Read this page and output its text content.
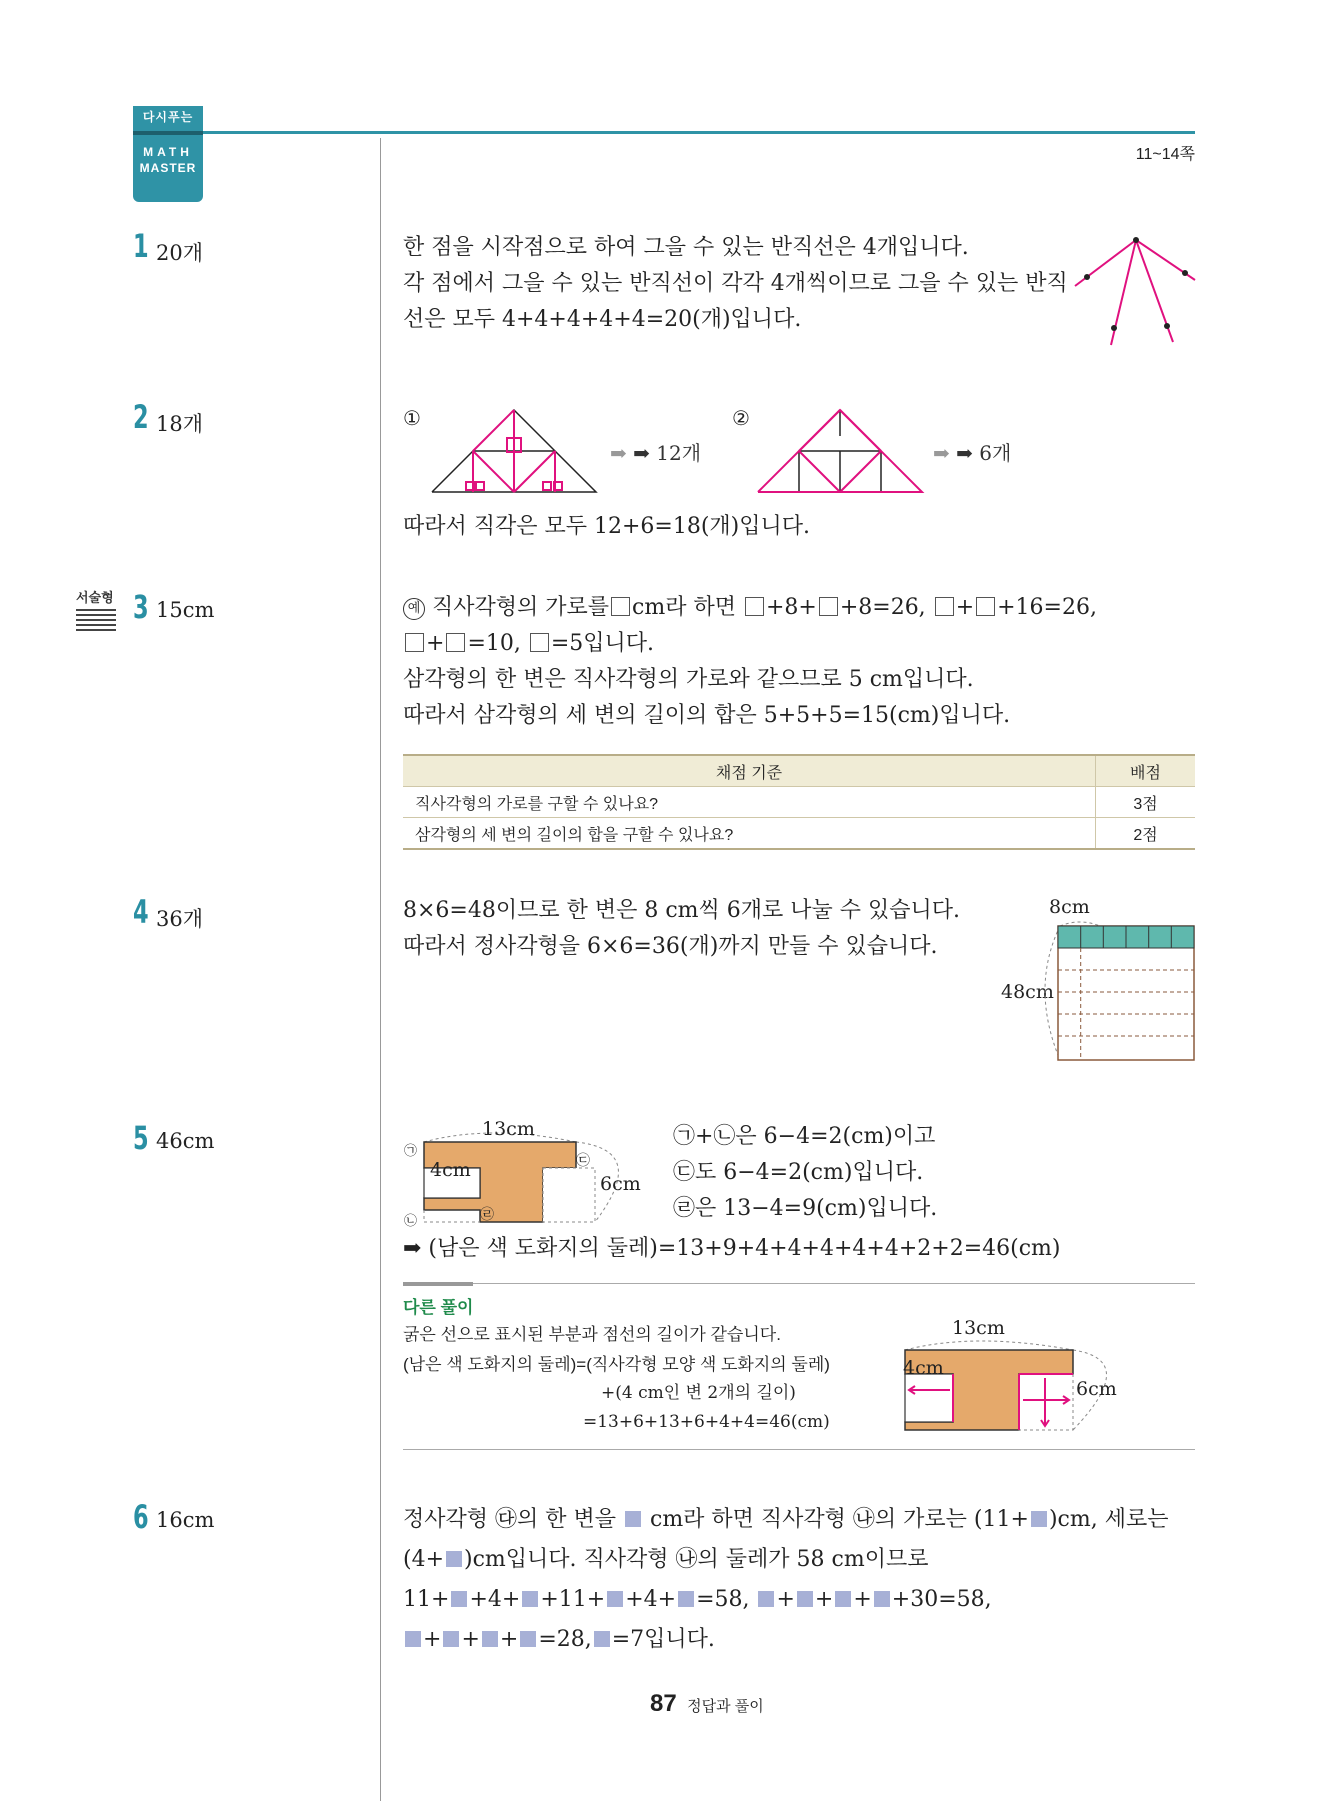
다시푸는
MATH
MASTER
11~14쪽
1 20개	한 점을 시작점으로 하여 그을 수 있는 반직선은 4개입니다.
각 점에서 그을 수 있는 반직선이 각각 4개씩이므로 그을 수 있는 반직
선은 모두 4+4+4+4+4=20(개)입니다.
2 18개	①	②
➡ ➡ 12개	➡ ➡ 6개
따라서 직각은 모두 12+6=18(개)입니다.
서술형 3 15cm	예 직사각형의 가로를 cm라 하면 +8+ +8=26, + +16=26,
+ =10, =5입니다.
삼각형의 한 변은 직사각형의 가로와 같으므로 5 cm입니다.
따라서 삼각형의 세 변의 길이의 합은 5+5+5=15(cm)입니다.
채점 기준	배점
직사각형의 가로를 구할 수 있나요?	3점
삼각형의 세 변의 길이의 합을 구할 수 있나요?	2점
4 36개	8×6=48이므로 한 변은 8 cm씩 6개로 나눌 수 있습니다.
따라서 정사각형을 6×6=36(개)까지 만들 수 있습니다.
8cm
48cm
5 46cm	13cm
4cm
6cm
㉠
㉡
㉢
㉣
㉠+㉡은 6−4=2(cm)이고
㉢도 6−4=2(cm)입니다.
㉣은 13−4=9(cm)입니다.
➡ (남은 색 도화지의 둘레)=13+9+4+4+4+4+4+2+2=46(cm)
다른 풀이
굵은 선으로 표시된 부분과 점선의 길이가 같습니다.
(남은 색 도화지의 둘레)=(직사각형 모양 색 도화지의 둘레)
+(4 cm인 변 2개의 길이)
=13+6+13+6+4+4=46(cm)
13cm
4cm
6cm
6 16cm	정사각형 ㉰의 한 변을 cm라 하면 직사각형 ㉯의 가로는 (11+ )cm, 세로는
(4+ )cm입니다. 직사각형 ㉯의 둘레가 58 cm이므로
11+ +4+ +11+ +4+ =58, + + + +30=58,
+ + + =28, =7입니다.
87 정답과 풀이
